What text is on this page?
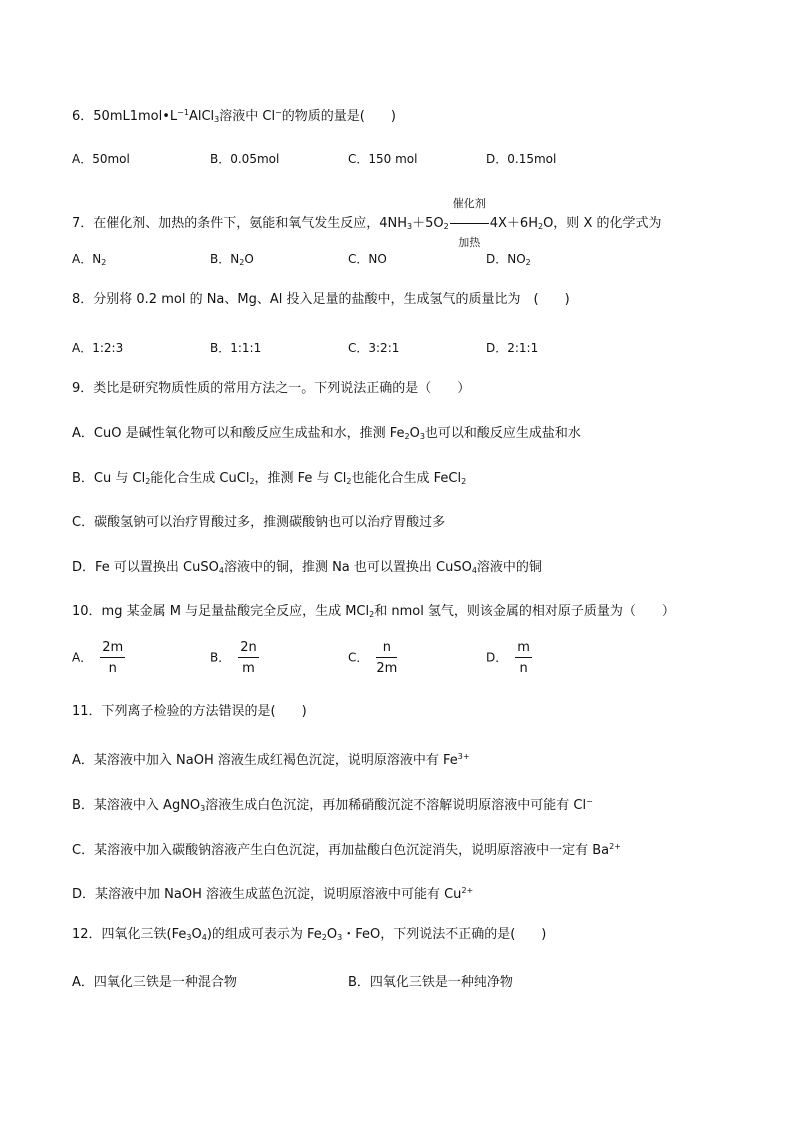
6．$50mL1mol•L^{-1}AlCl_3$溶液中 Cl−的物质的量是(　　)
A．50mol	B．0.05mol	C．150 mol	D．0.15mol
7．在催化剂、加热的条件下，氨能和氧气发生反应，$4NH_3+5O_2$
催化剂
加热
$4X+6H_2O$，则 X 的化学式为
A．$N_2$	B．$N_2O$	C．NO	D．$NO_2$
8．分别将 0.2 mol 的 Na、Mg、Al 投入足量的盐酸中，生成氢气的质量比为　(　　)
A．1:2:3	B．1:1:1	C．3:2:1	D．2:1:1
9．类比是研究物质性质的常用方法之一。下列说法正确的是（　　）
A．CuO 是碱性氧化物可以和酸反应生成盐和水，推测 $Fe_2O_3$也可以和酸反应生成盐和水
B．Cu 与 $Cl_2$能化合生成 CuCl$_2$，推测 Fe 与 $Cl_2$也能化合生成 FeCl$_2$
C．碳酸氢钠可以治疗胃酸过多，推测碳酸钠也可以治疗胃酸过多
D．Fe 可以置换出 CuSO$_4$溶液中的铜，推测 Na 也可以置换出 CuSO$_4$溶液中的铜
10．mg 某金属 M 与足量盐酸完全反应，生成 MCl$_2$和 nmol 氢气，则该金属的相对原子质量为（　　）
A． $\frac{2m}{n}$	B． $\frac{2n}{m}$	C． $\frac{n}{2m}$	D． $\frac{m}{n}$
11．下列离子检验的方法错误的是(　　)
A．某溶液中加入 NaOH 溶液生成红褐色沉淀，说明原溶液中有 $Fe^{3+}$
B．某溶液中入 AgNO$_3$溶液生成白色沉淀，再加稀硝酸沉淀不溶解说明原溶液中可能有 Cl−
C．某溶液中加入碳酸钠溶液产生白色沉淀，再加盐酸白色沉淀消失，说明原溶液中一定有 $Ba^{2+}$
D．某溶液中加 NaOH 溶液生成蓝色沉淀，说明原溶液中可能有 $Cu^{2+}$
12．四氧化三铁$(Fe_3O_4)$的组成可表示为 $Fe_2O_3$・FeO，下列说法不正确的是(　　)
A．四氧化三铁是一种混合物	B．四氧化三铁是一种纯净物
